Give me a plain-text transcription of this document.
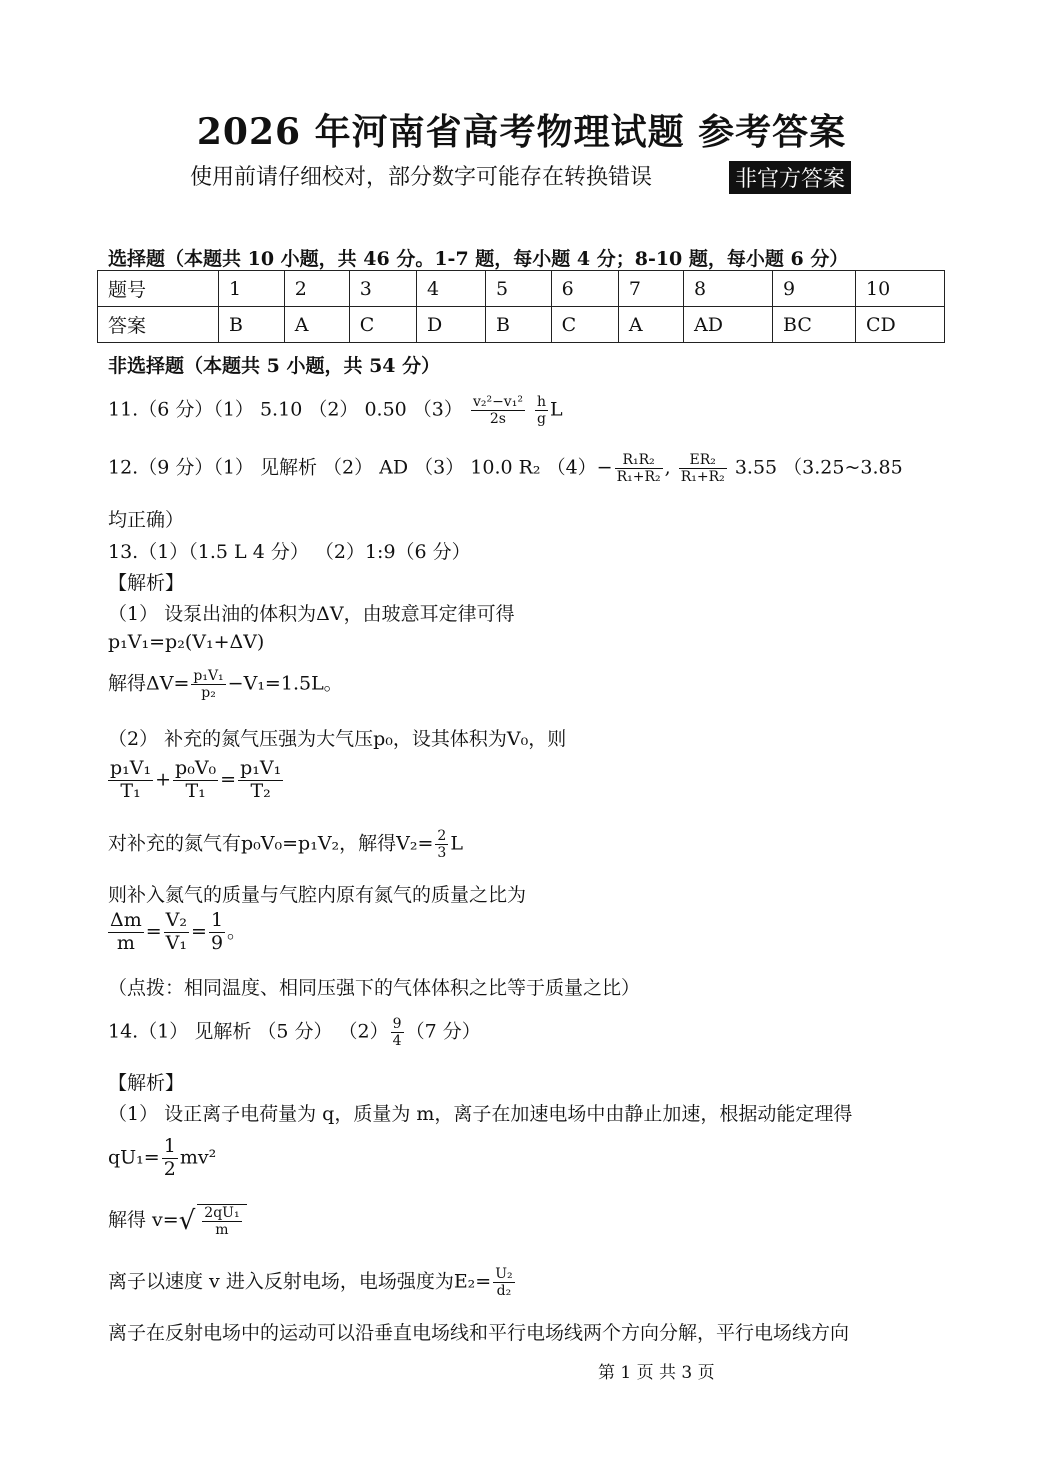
2026 年河南省高考物理试题 参考答案
使用前请仔细校对，部分数字可能存在转换错误	非官方答案
选择题（本题共 10 小题，共 46 分。1-7 题，每小题 4 分；8-10 题，每小题 6 分）
题号	1	2	3	4	5	6	7	8	9	10
答案	B	A	C	D	B	C	A	AD	BC	CD
非选择题（本题共 5 小题，共 54 分）
11.（6 分）（1） 5.10 （2） 0.50 $(3) \frac{\text{v₂²−v₁²}}{2s}$
$\frac{h}{g}$ L
12.（9 分）（1） 见解析 （2） AD （3） 10.0 R₂ $(4)- \frac{\text{R₁R₂}}{\text{R₁+R₂}}$ , $\frac{\text{ER₂}}{\text{R₁+R₂}} 3.55$ （3.25~3.85
均正确）
13.（1）（1.5 L 4 分） （2）1:9（6 分）
【解析】
（1） 设泵出油的体积为ΔV，由玻意耳定律可得
p₁V₁=p₂(V₁+ΔV)
解得$\Delta V= \frac{\text{p₁V₁}}{\text{p₂}} -V_1=1.5L$。
（2） 补充的氮气压强为大气压p₀，设其体积为V₀，则
$\frac{\text{p₁V₁}}{\text{T₁}} + \frac{\text{p₀V₀}}{\text{T₁}} = \frac{\text{p₁V₁}}{\text{T₂}}$
对补充的氮气有p₀V₀=p₁V₂，解得$V_2= \frac{2}{3}$ L
则补入氮气的质量与气腔内原有氮气的质量之比为
$\frac{\Delta m}{m} = \frac{\text{V₂}}{\text{V₁}} = \frac{1}{9}$ 。
（点拨：相同温度、相同压强下的气体体积之比等于质量之比）
14.（1） 见解析 （5 分） $(2) \frac{9}{4} (7$ 分）
【解析】
（1） 设正离子电荷量为 q，质量为 m，离子在加速电场中由静止加速，根据动能定理得
$qU_1= \frac{1}{2} mv^2$
解得 $v=√ \frac{\text{2qU₁}}{m}$
离子以速度 v 进入反射电场，电场强度为$E_2= \frac{\text{U₂}}{\text{d₂}}$
离子在反射电场中的运动可以沿垂直电场线和平行电场线两个方向分解，平行电场线方向
第 1 页 共 3 页
